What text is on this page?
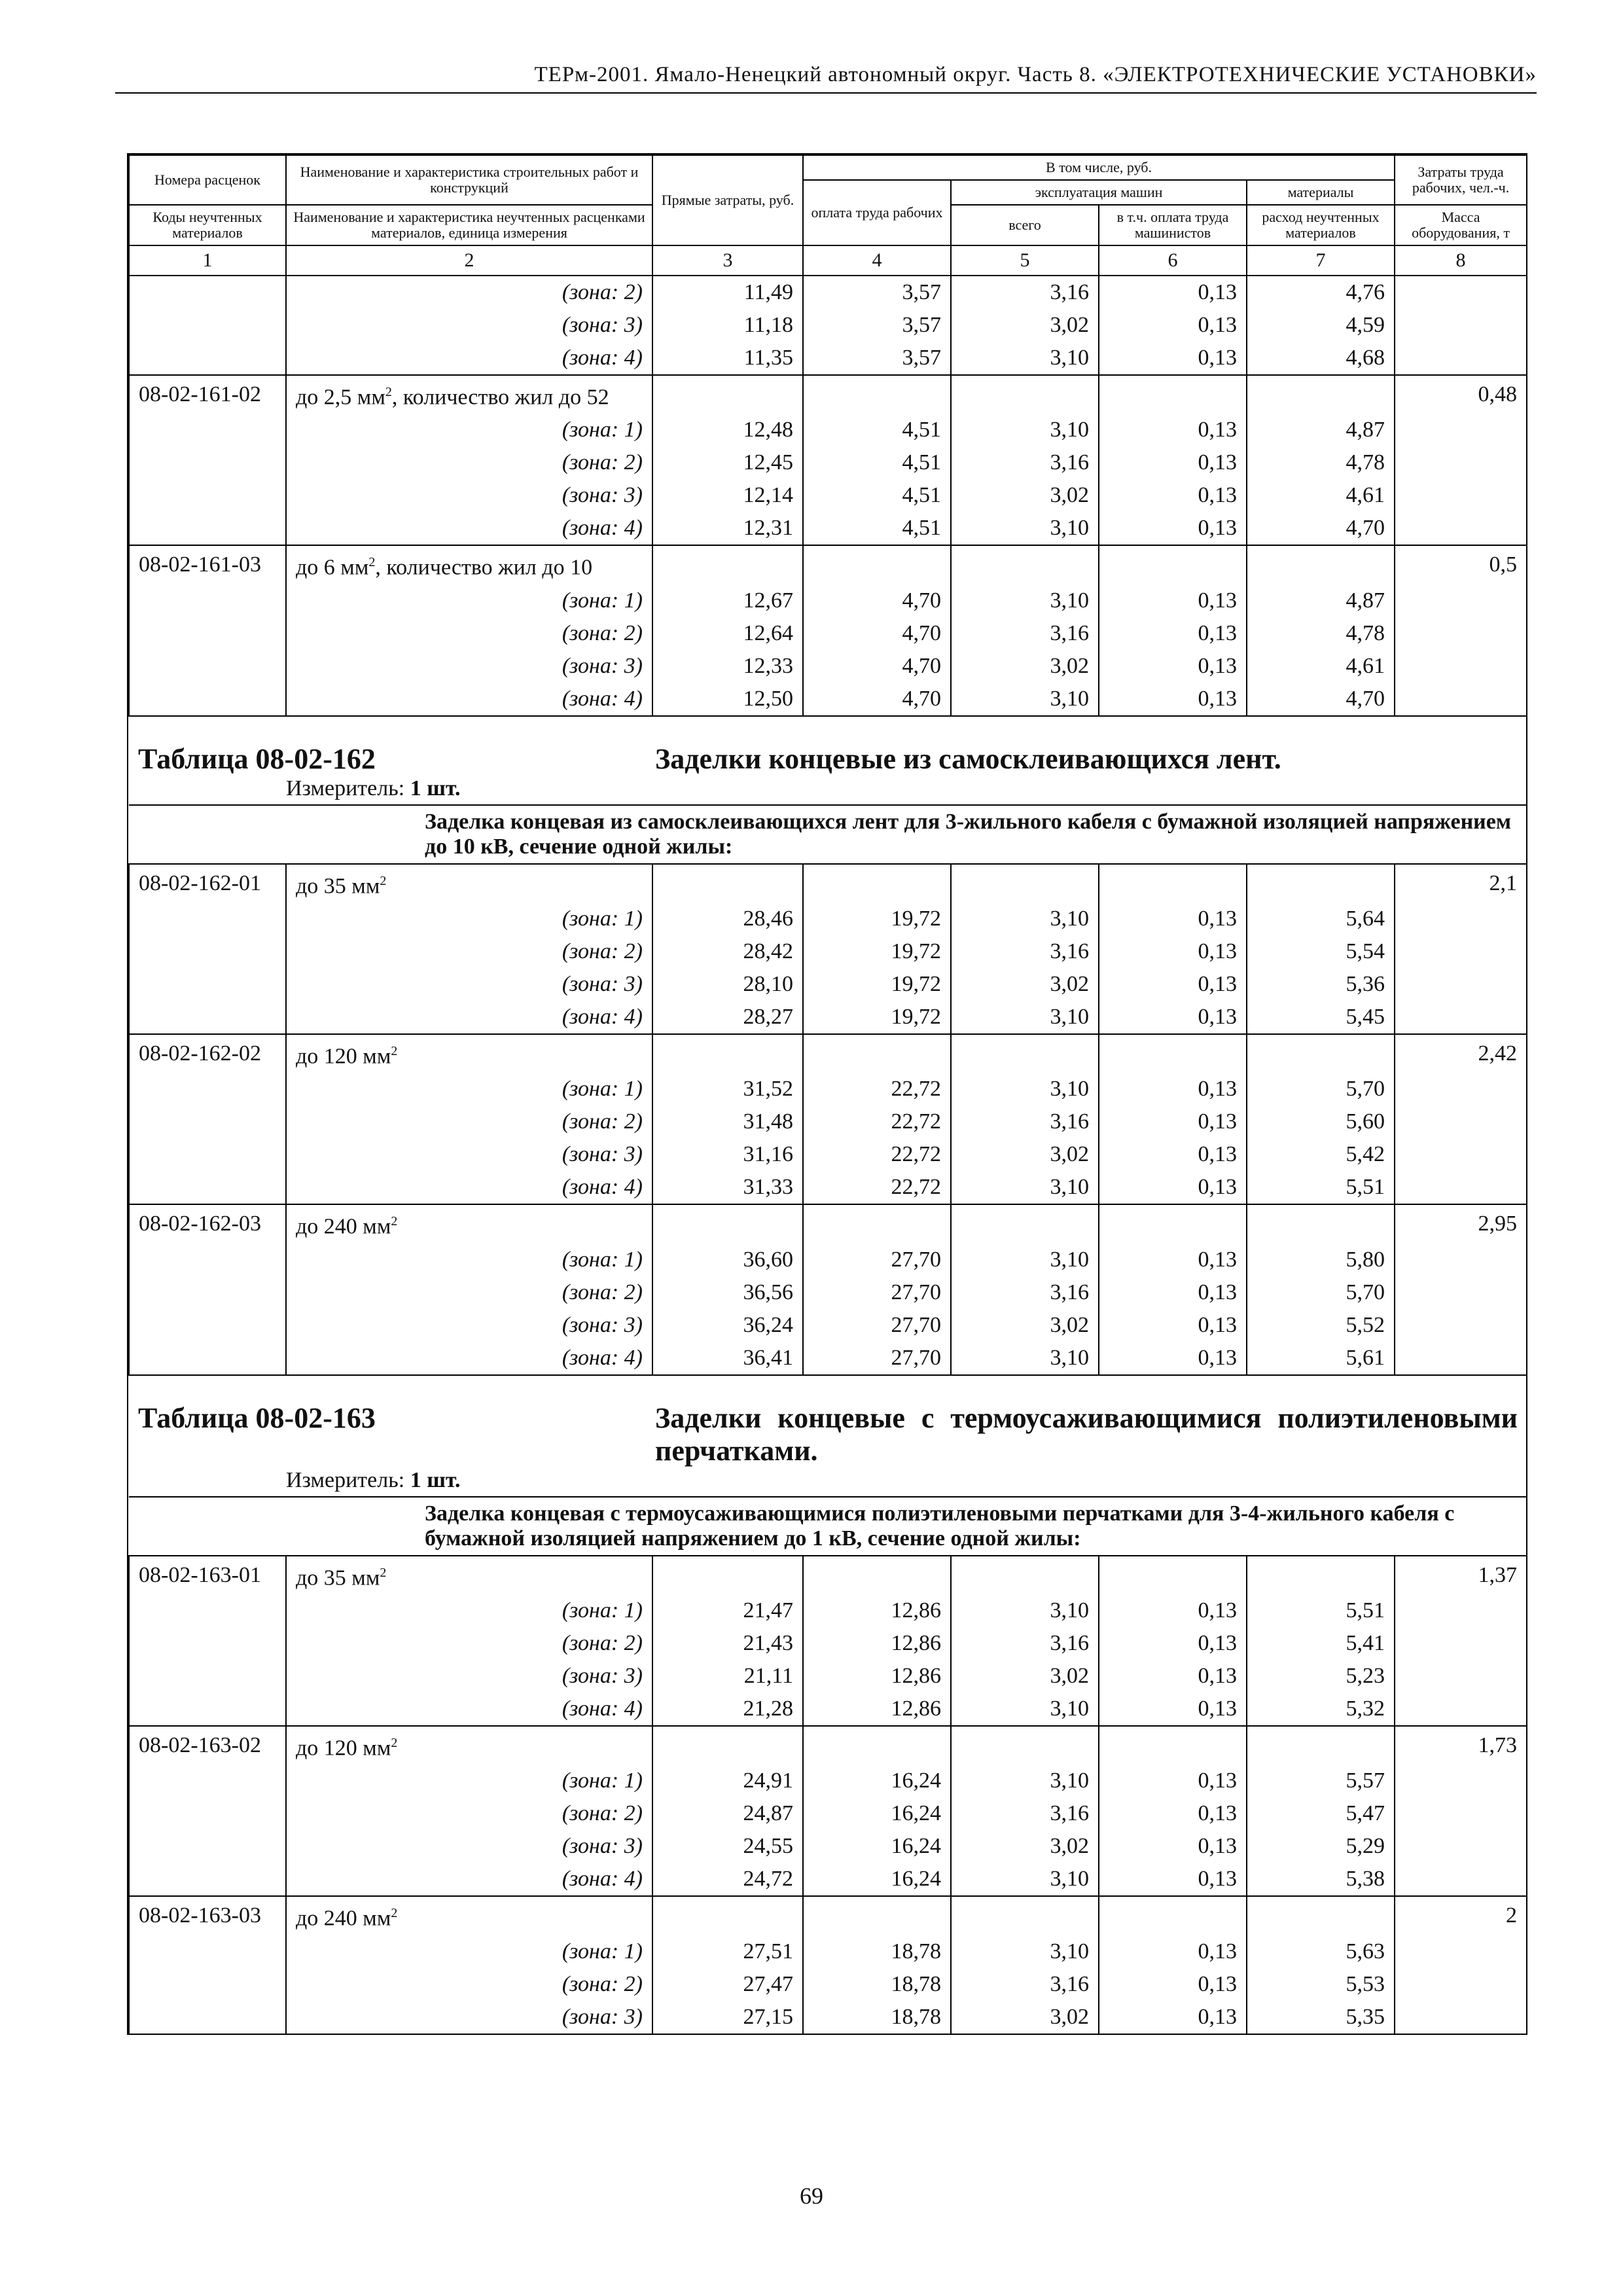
ТЕРм-2001. Ямало-Ненецкий автономный округ. Часть 8. «ЭЛЕКТРОТЕХНИЧЕСКИЕ УСТАНОВКИ»
Номера расценок	Наименование и характеристика строительных работ и конструкций	Прямые затраты, руб.	В том числе, руб.				Затраты труда рабочих, чел.-ч.
			оплата труда рабочих	эксплуатация машин		материалы	
Коды неучтенных материалов	Наименование и характеристика неучтенных расценками материалов, единица измерения			всего	в т.ч. оплата труда машинистов	расход неучтенных материалов	Масса оборудования, т
1	2	3	4	5	6	7	8
	(зона: 2)	11,49	3,57	3,16	0,13	4,76	
	(зона: 3)	11,18	3,57	3,02	0,13	4,59	
	(зона: 4)	11,35	3,57	3,10	0,13	4,68	
08-02-161-02	до 2,5 $мм^2$, количество жил до 52						0,48
	(зона: 1)	12,48	4,51	3,10	0,13	4,87	
	(зона: 2)	12,45	4,51	3,16	0,13	4,78	
	(зона: 3)	12,14	4,51	3,02	0,13	4,61	
	(зона: 4)	12,31	4,51	3,10	0,13	4,70	
08-02-161-03	до 6 $мм^2$, количество жил до 10						0,5
	(зона: 1)	12,67	4,70	3,10	0,13	4,87	
	(зона: 2)	12,64	4,70	3,16	0,13	4,78	
	(зона: 3)	12,33	4,70	3,02	0,13	4,61	
	(зона: 4)	12,50	4,70	3,10	0,13	4,70	

Таблица 08-02-162 Заделки концевые из самосклеивающихся лент.
Измеритель: 1 шт.							

Заделка концевая из самосклеивающихся лент для 3-жильного кабеля с бумажной изоляцией напряжением до 10 кВ, сечение одной жилы:							
08-02-162-01	до 35 $мм^2$						2,1
	(зона: 1)	28,46	19,72	3,10	0,13	5,64	
	(зона: 2)	28,42	19,72	3,16	0,13	5,54	
	(зона: 3)	28,10	19,72	3,02	0,13	5,36	
	(зона: 4)	28,27	19,72	3,10	0,13	5,45	
08-02-162-02	до 120 $мм^2$						2,42
	(зона: 1)	31,52	22,72	3,10	0,13	5,70	
	(зона: 2)	31,48	22,72	3,16	0,13	5,60	
	(зона: 3)	31,16	22,72	3,02	0,13	5,42	
	(зона: 4)	31,33	22,72	3,10	0,13	5,51	
08-02-162-03	до 240 $мм^2$						2,95
	(зона: 1)	36,60	27,70	3,10	0,13	5,80	
	(зона: 2)	36,56	27,70	3,16	0,13	5,70	
	(зона: 3)	36,24	27,70	3,02	0,13	5,52	
	(зона: 4)	36,41	27,70	3,10	0,13	5,61	

Таблица 08-02-163 Заделки концевые с термоусаживающимися полиэтиленовыми перчатками.
Измеритель: 1 шт.							

Заделка концевая с термоусаживающимися полиэтиленовыми перчатками для 3-4-жильного кабеля с бумажной изоляцией напряжением до 1 кВ, сечение одной жилы:							
08-02-163-01	до 35 $мм^2$						1,37
	(зона: 1)	21,47	12,86	3,10	0,13	5,51	
	(зона: 2)	21,43	12,86	3,16	0,13	5,41	
	(зона: 3)	21,11	12,86	3,02	0,13	5,23	
	(зона: 4)	21,28	12,86	3,10	0,13	5,32	
08-02-163-02	до 120 $мм^2$						1,73
	(зона: 1)	24,91	16,24	3,10	0,13	5,57	
	(зона: 2)	24,87	16,24	3,16	0,13	5,47	
	(зона: 3)	24,55	16,24	3,02	0,13	5,29	
	(зона: 4)	24,72	16,24	3,10	0,13	5,38	
08-02-163-03	до 240 $мм^2$						2
	(зона: 1)	27,51	18,78	3,10	0,13	5,63	
	(зона: 2)	27,47	18,78	3,16	0,13	5,53	
	(зона: 3)	27,15	18,78	3,02	0,13	5,35	
69
